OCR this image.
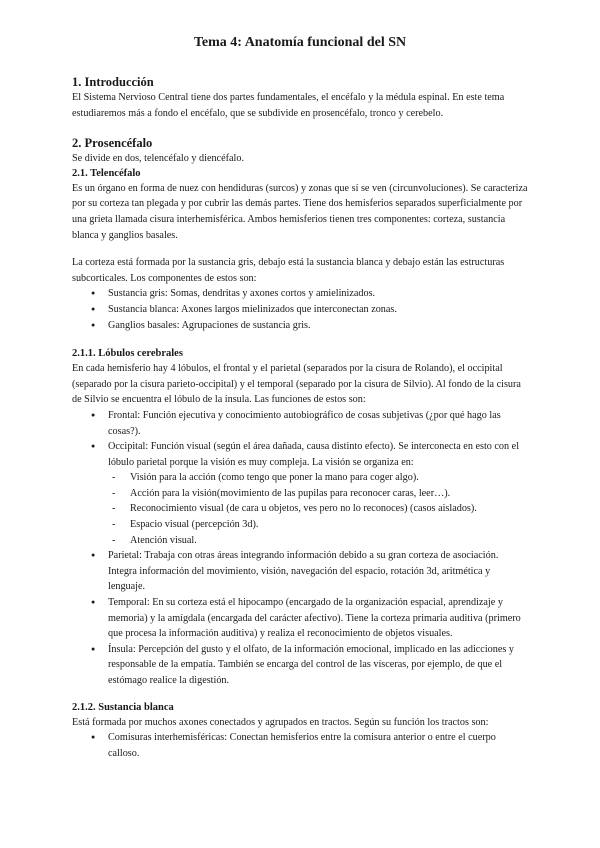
Tema 4: Anatomía funcional del SN
1. Introducción

El Sistema Nervioso Central tiene dos partes fundamentales, el encéfalo y la médula espinal. En este tema estudiaremos más a fondo el encéfalo, que se subdivide en prosencéfalo, tronco y cerebelo.

2. Prosencéfalo

Se divide en dos, telencéfalo y diencéfalo.

2.1. Telencéfalo

Es un órgano en forma de nuez con hendiduras (surcos) y zonas que sí se ven (circunvoluciones). Se caracteriza por su corteza tan plegada y por cubrir las demás partes. Tiene dos hemisferios separados superficialmente por una grieta llamada cisura interhemisférica. Ambos hemisferios tienen tres componentes: corteza, sustancia blanca y ganglios basales.

La corteza está formada por la sustancia gris, debajo está la sustancia blanca y debajo están las estructuras subcorticales. Los componentes de estos son:

● Sustancia gris: Somas, dendritas y axones cortos y amielinizados.
● Sustancia blanca: Axones largos mielinizados que interconectan zonas.
● Ganglios basales: Agrupaciones de sustancia gris.
2.1.1. Lóbulos cerebrales

En cada hemisferio hay 4 lóbulos, el frontal y el parietal (separados por la cisura de Rolando), el occipital (separado por la cisura parieto-occipital) y el temporal (separado por la cisura de Silvio). Al fondo de la cisura de Silvio se encuentra el lóbulo de la ínsula. Las funciones de estos son:

● Frontal: Función ejecutiva y conocimiento autobiográfico de cosas subjetivas (¿por qué hago las cosas?).
● Occipital: Función visual (según el área dañada, causa distinto efecto). Se interconecta en esto con el lóbulo parietal porque la visión es muy compleja. La visión se organiza en:
- Visión para la acción (como tengo que poner la mano para coger algo).
- Acción para la visión(movimiento de las pupilas para reconocer caras, leer…).
- Reconocimiento visual (de cara u objetos, ves pero no lo reconoces) (casos aislados).
- Espacio visual (percepción 3d).
- Atención visual.
● Parietal: Trabaja con otras áreas integrando información debido a su gran corteza de asociación. Integra información del movimiento, visión, navegación del espacio, rotación 3d, aritmética y lenguaje.
● Temporal: En su corteza está el hipocampo (encargado de la organización espacial, aprendizaje y memoria) y la amígdala (encargada del carácter afectivo). Tiene la corteza primaria auditiva (primero que procesa la información auditiva) y realiza el reconocimiento de objetos visuales.
● Ínsula: Percepción del gusto y el olfato, de la información emocional, implicado en las adicciones y responsable de la empatía. También se encarga del control de las vísceras, por ejemplo, de que el estómago realice la digestión.
2.1.2. Sustancia blanca

Está formada por muchos axones conectados y agrupados en tractos. Según su función los tractos son:

● Comisuras interhemisféricas: Conectan hemisferios entre la comisura anterior o entre el cuerpo calloso.
